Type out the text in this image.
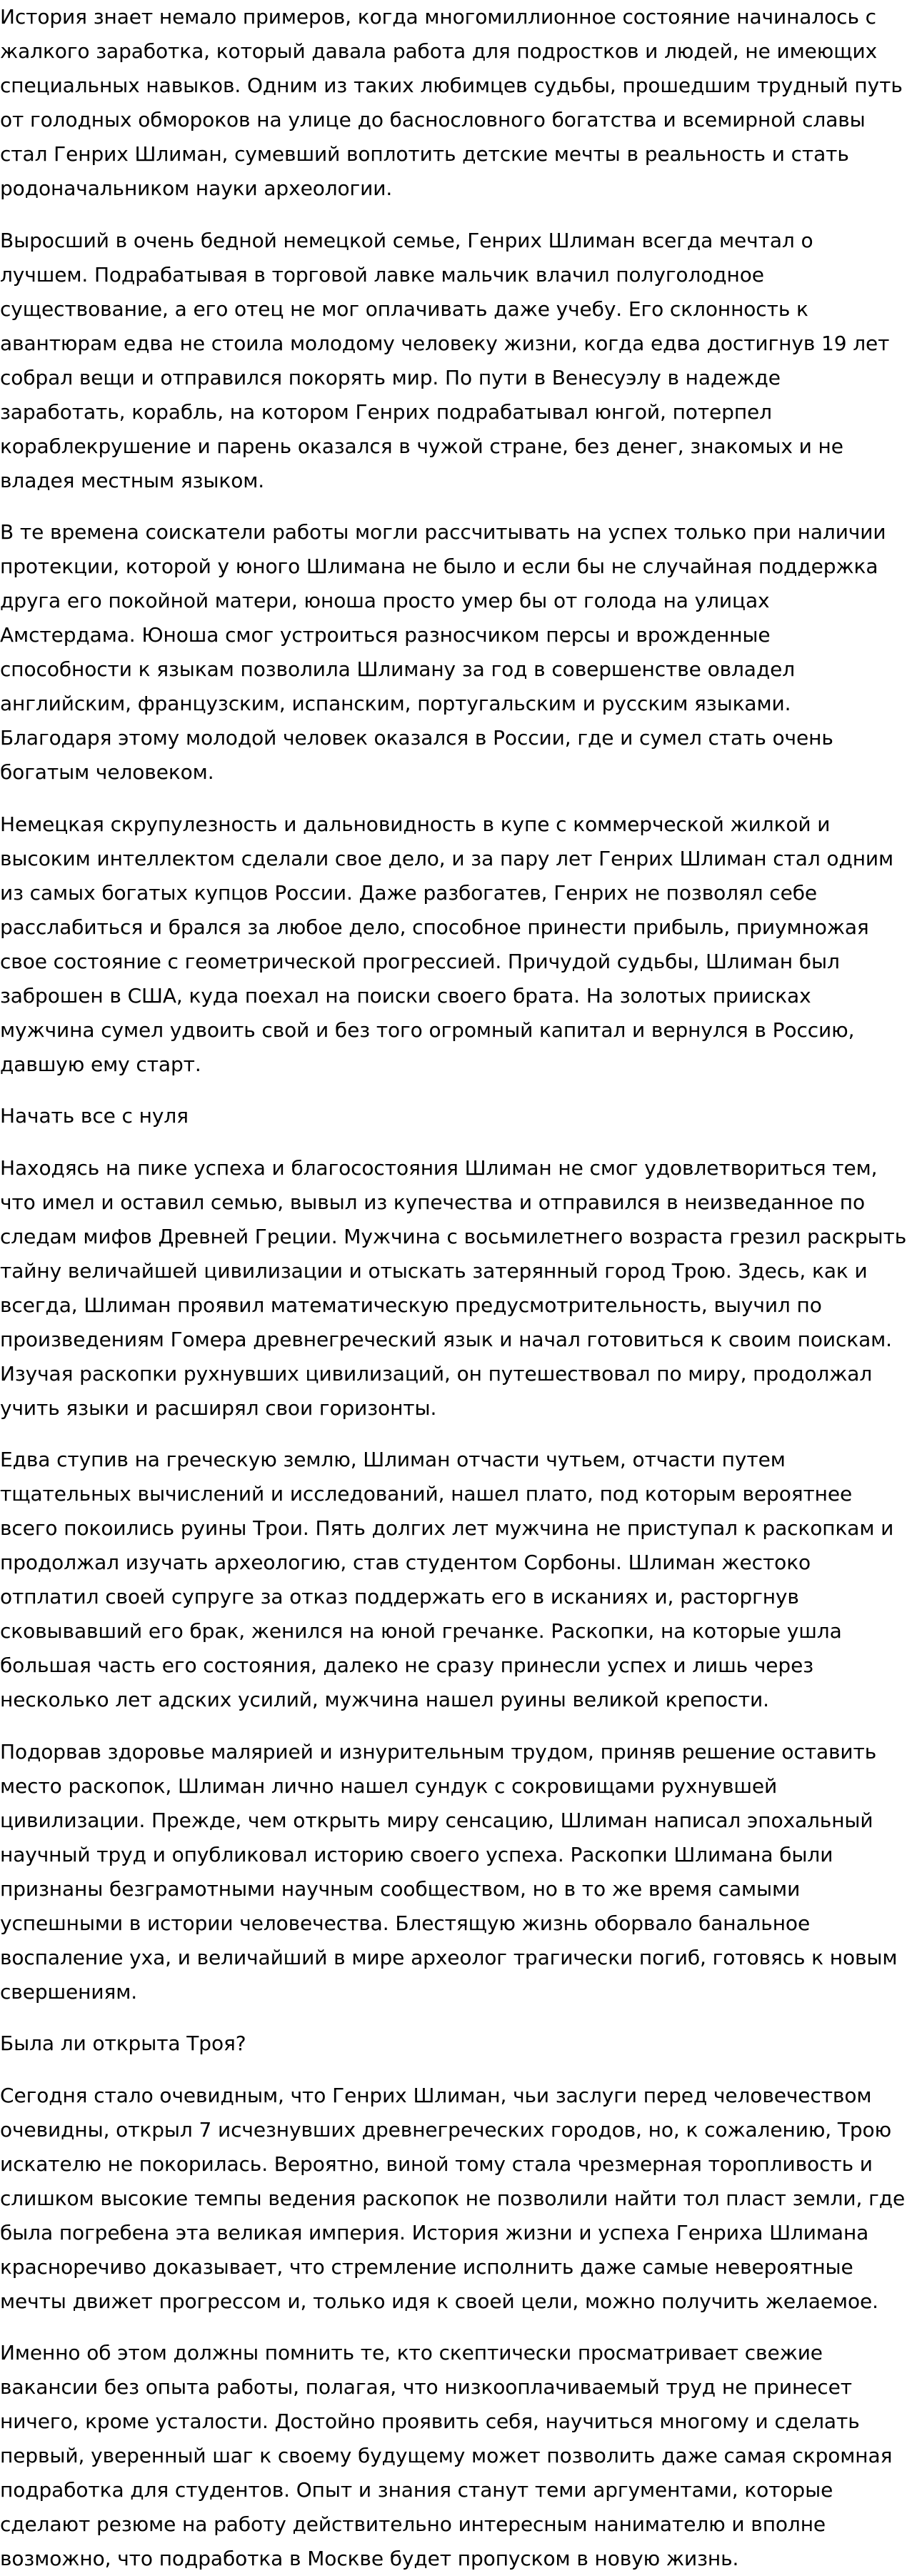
История знает немало примеров, когда многомиллионное состояние начиналось с жалкого заработка, который давала работа для подростков и людей, не имеющих специальных навыков. Одним из таких любимцев судьбы, прошедшим трудный путь от голодных обмороков на улице до баснословного богатства и всемирной славы стал Генрих Шлиман, сумевший воплотить детские мечты в реальность и стать родоначальником науки археологии.

Выросший в очень бедной немецкой семье, Генрих Шлиман всегда мечтал о лучшем. Подрабатывая в торговой лавке мальчик влачил полуголодное существование, а его отец не мог оплачивать даже учебу. Его склонность к авантюрам едва не стоила молодому человеку жизни, когда едва достигнув 19 лет собрал вещи и отправился покорять мир. По пути в Венесуэлу в надежде заработать, корабль, на котором Генрих подрабатывал юнгой, потерпел кораблекрушение и парень оказался в чужой стране, без денег, знакомых и не владея местным языком.

В те времена соискатели работы могли рассчитывать на успех только при наличии протекции, которой у юного Шлимана не было и если бы не случайная поддержка друга его покойной матери, юноша просто умер бы от голода на улицах Амстердама. Юноша смог устроиться разносчиком персы и врожденные способности к языкам позволила Шлиману за год в совершенстве овладел английским, французским, испанским, португальским и русским языками. Благодаря этому молодой человек оказался в России, где и сумел стать очень богатым человеком.

Немецкая скрупулезность и дальновидность в купе с коммерческой жилкой и высоким интеллектом сделали свое дело, и за пару лет Генрих Шлиман стал одним из самых богатых купцов России. Даже разбогатев, Генрих не позволял себе расслабиться и брался за любое дело, способное принести прибыль, приумножая свое состояние с геометрической прогрессией. Причудой судьбы, Шлиман был заброшен в США, куда поехал на поиски своего брата. На золотых приисках мужчина сумел удвоить свой и без того огромный капитал и вернулся в Россию, давшую ему старт.

Начать все с нуля

Находясь на пике успеха и благосостояния Шлиман не смог удовлетвориться тем, что имел и оставил семью, вывыл из купечества и отправился в неизведанное по следам мифов Древней Греции. Мужчина с восьмилетнего возраста грезил раскрыть тайну величайшей цивилизации и отыскать затерянный город Трою. Здесь, как и всегда, Шлиман проявил математическую предусмотрительность, выучил по произведениям Гомера древнегреческий язык и начал готовиться к своим поискам. Изучая раскопки рухнувших цивилизаций, он путешествовал по миру, продолжал учить языки и расширял свои горизонты.

Едва ступив на греческую землю, Шлиман отчасти чутьем, отчасти путем тщательных вычислений и исследований, нашел плато, под которым вероятнее всего покоились руины Трои. Пять долгих лет мужчина не приступал к раскопкам и продолжал изучать археологию, став студентом Сорбоны. Шлиман жестоко отплатил своей супруге за отказ поддержать его в исканиях и, расторгнув сковывавший его брак, женился на юной гречанке. Раскопки, на которые ушла большая часть его состояния, далеко не сразу принесли успех и лишь через несколько лет адских усилий, мужчина нашел руины великой крепости.

Подорвав здоровье малярией и изнурительным трудом, приняв решение оставить место раскопок, Шлиман лично нашел сундук с сокровищами рухнувшей цивилизации. Прежде, чем открыть миру сенсацию, Шлиман написал эпохальный научный труд и опубликовал историю своего успеха. Раскопки Шлимана были признаны безграмотными научным сообществом, но в то же время самыми успешными в истории человечества. Блестящую жизнь оборвало банальное воспаление уха, и величайший в мире археолог трагически погиб, готовясь к новым свершениям.

Была ли открыта Троя?

Сегодня стало очевидным, что Генрих Шлиман, чьи заслуги перед человечеством очевидны, открыл 7 исчезнувших древнегреческих городов, но, к сожалению, Трою искателю не покорилась. Вероятно, виной тому стала чрезмерная торопливость и слишком высокие темпы ведения раскопок не позволили найти тол пласт земли, где была погребена эта великая империя. История жизни и успеха Генриха Шлимана красноречиво доказывает, что стремление исполнить даже самые невероятные мечты движет прогрессом и, только идя к своей цели, можно получить желаемое.

Именно об этом должны помнить те, кто скептически просматривает свежие вакансии без опыта работы, полагая, что низкооплачиваемый труд не принесет ничего, кроме усталости. Достойно проявить себя, научиться многому и сделать первый, уверенный шаг к своему будущему может позволить даже самая скромная подработка для студентов. Опыт и знания станут теми аргументами, которые сделают резюме на работу действительно интересным нанимателю и вполне возможно, что подработка в Москве будет пропуском в новую жизнь.
